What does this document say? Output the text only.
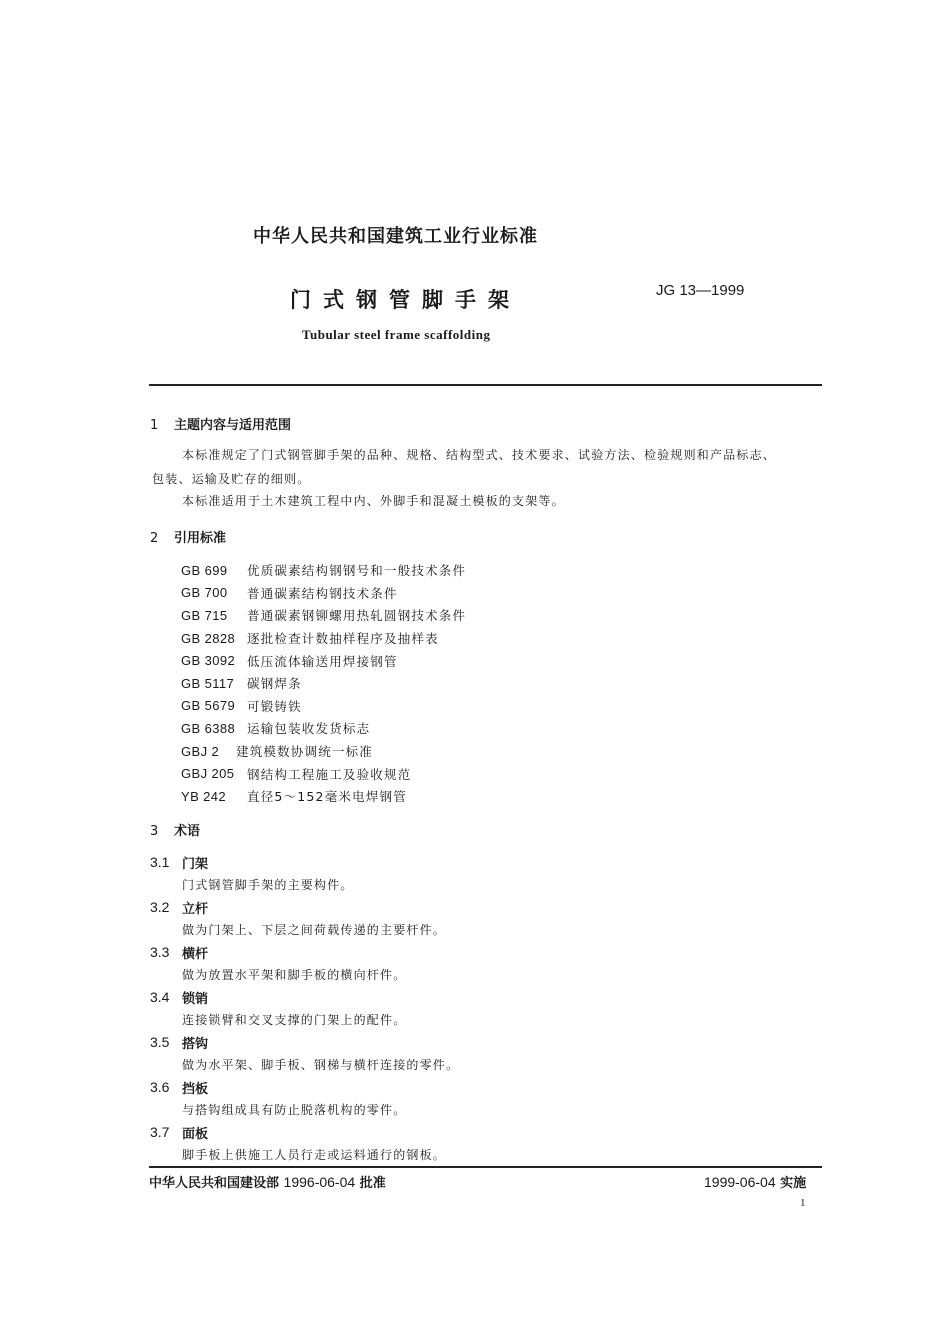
中华人民共和国建筑工业行业标准
门式钢管脚手架	JG 13—1999
Tubular steel frame scaffolding
1 主题内容与适用范围
本标准规定了门式钢管脚手架的品种、规格、结构型式、技术要求、试验方法、检验规则和产品标志、
包装、运输及贮存的细则。
本标准适用于土木建筑工程中内、外脚手和混凝土模板的支架等。
2 引用标准
GB 699	优质碳素结构钢钢号和一般技术条件
GB 700	普通碳素结构钢技术条件
GB 715	普通碳素钢铆螺用热轧圆钢技术条件
GB 2828 逐批检查计数抽样程序及抽样表
GB 3092 低压流体输送用焊接钢管
GB 5117	碳钢焊条
GB 5679 可锻铸铁
GB 6388 运输包装收发货标志
GBJ 2	建筑模数协调统一标准
GBJ 205	钢结构工程施工及验收规范
YB 242	直径5～152毫米电焊钢管
3 术语
3.1 门架
门式钢管脚手架的主要构件。
3.2 立杆
做为门架上、下层之间荷载传递的主要杆件。
3.3 横杆
做为放置水平架和脚手板的横向杆件。
3.4 锁销
连接锁臂和交叉支撑的门架上的配件。
3.5 搭钩
做为水平架、脚手板、钢梯与横杆连接的零件。
3.6 挡板
与搭钩组成具有防止脱落机构的零件。
3.7 面板
脚手板上供施工人员行走或运料通行的钢板。
中华人民共和国建设部 1996-06-04 批准	1999-06-04 实施
1
